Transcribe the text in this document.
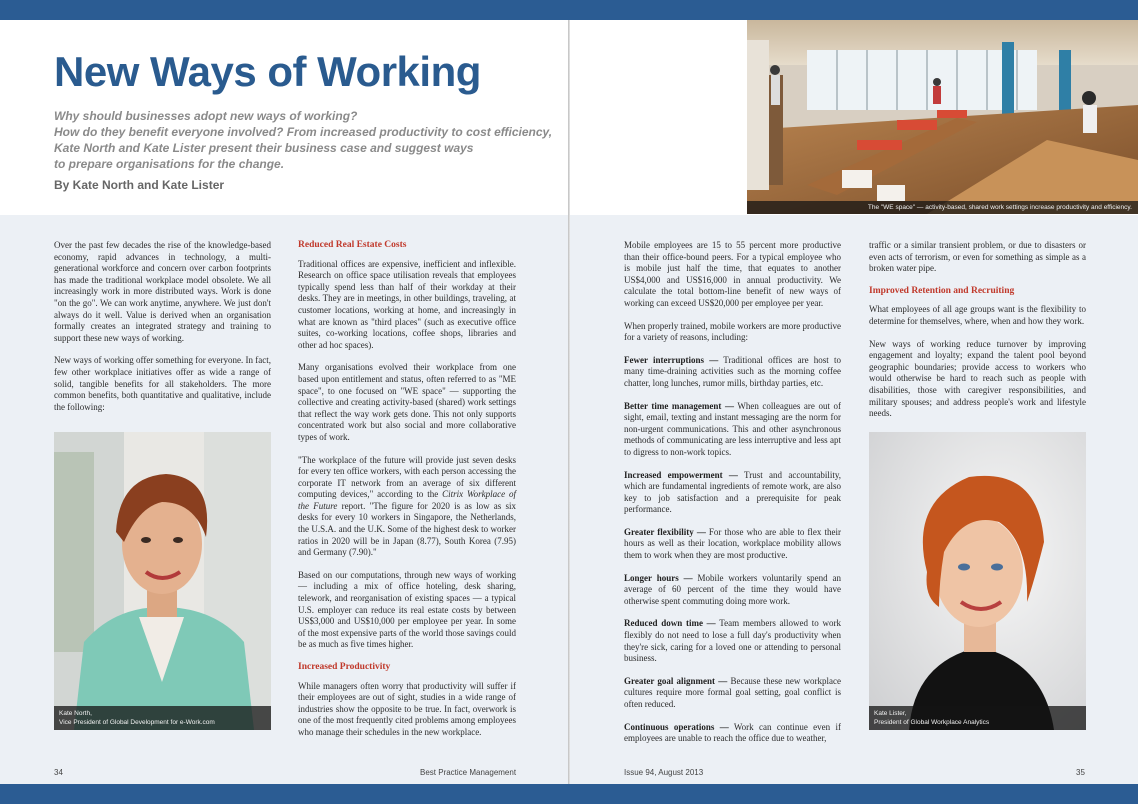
New Ways of Working
Why should businesses adopt new ways of working?
How do they benefit everyone involved? From increased productivity to cost efficiency,
Kate North and Kate Lister present their business case and suggest ways
to prepare organisations for the change.
By Kate North and Kate Lister
The "WE space" — activity-based, shared work settings increase productivity and efficiency.

Over the past few decades the rise of the knowledge-based economy, rapid advances in technology, a multi-generational workforce and concern over carbon footprints has made the traditional workplace model obsolete. We all increasingly work in more distributed ways. Work is done "on the go". We can work anytime, anywhere. We just don't always do it well. Value is derived when an organisation formally creates an integrated strategy and training to support these new ways of working.

New ways of working offer something for everyone. In fact, few other workplace initiatives offer as wide a range of solid, tangible benefits for all stakeholders. The more common benefits, both quantitative and qualitative, include the following:

Kate North,
Vice President of Global Development for e-Work.com
Reduced Real Estate Costs

Traditional offices are expensive, inefficient and inflexible. Research on office space utilisation reveals that employees typically spend less than half of their workday at their desks. They are in meetings, in other buildings, traveling, at customer locations, working at home, and increasingly in what are known as "third places" (such as executive office suites, co-working locations, coffee shops, libraries and other ad hoc spaces).

Many organisations evolved their workplace from one based upon entitlement and status, often referred to as "ME space", to one focused on "WE space" — supporting the collective and creating activity-based (shared) work settings that reflect the way work gets done. This not only supports concentrated work but also social and more collaborative types of work.

"The workplace of the future will provide just seven desks for every ten office workers, with each person accessing the corporate IT network from an average of six different computing devices," according to the Citrix Workplace of the Future report. "The figure for 2020 is as low as six desks for every 10 workers in Singapore, the Netherlands, the U.S.A. and the U.K. Some of the highest desk to worker ratios in 2020 will be in Japan (8.77), South Korea (7.95) and Germany (7.90)."

Based on our computations, through new ways of working — including a mix of office hoteling, desk sharing, telework, and reorganisation of existing spaces — a typical U.S. employer can reduce its real estate costs by between US$3,000 and US$10,000 per employee per year. In some of the most expensive parts of the world those savings could be as much as five times higher.

Increased Productivity

While managers often worry that productivity will suffer if their employees are out of sight, studies in a wide range of industries show the opposite to be true. In fact, overwork is one of the most frequently cited problems among employees who manage their schedules in the new workplace.

Mobile employees are 15 to 55 percent more productive than their office-bound peers. For a typical employee who is mobile just half the time, that equates to another US$4,000 and US$16,000 in annual productivity. We calculate the total bottom-line benefit of new ways of working can exceed US$20,000 per employee per year.

When properly trained, mobile workers are more productive for a variety of reasons, including:

Fewer interruptions — Traditional offices are host to many time-draining activities such as the morning coffee chatter, long lunches, rumor mills, birthday parties, etc.

Better time management — When colleagues are out of sight, email, texting and instant messaging are the norm for non-urgent communications. This and other asynchronous methods of communicating are less interruptive and less apt to digress to non-work topics.

Increased empowerment — Trust and accountability, which are fundamental ingredients of remote work, are also key to job satisfaction and a prerequisite for peak performance.

Greater flexibility — For those who are able to flex their hours as well as their location, workplace mobility allows them to work when they are most productive.

Longer hours — Mobile workers voluntarily spend an average of 60 percent of the time they would have otherwise spent commuting doing more work.

Reduced down time — Team members allowed to work flexibly do not need to lose a full day's productivity when they're sick, caring for a loved one or attending to personal business.

Greater goal alignment — Because these new workplace cultures require more formal goal setting, goal conflict is often reduced.

Continuous operations — Work can continue even if employees are unable to reach the office due to weather,

traffic or a similar transient problem, or due to disasters or even acts of terrorism, or even for something as simple as a broken water pipe.

Improved Retention and Recruiting

What employees of all age groups want is the flexibility to determine for themselves, where, when and how they work.

New ways of working reduce turnover by improving engagement and loyalty; expand the talent pool beyond geographic boundaries; provide access to workers who would otherwise be hard to reach such as people with disabilities, those with caregiver responsibilities, and military spouses; and address people's work and lifestyle needs.

Kate Lister,
President of Global Workplace Analytics
34	Best Practice Management	Issue 94, August 2013	35
